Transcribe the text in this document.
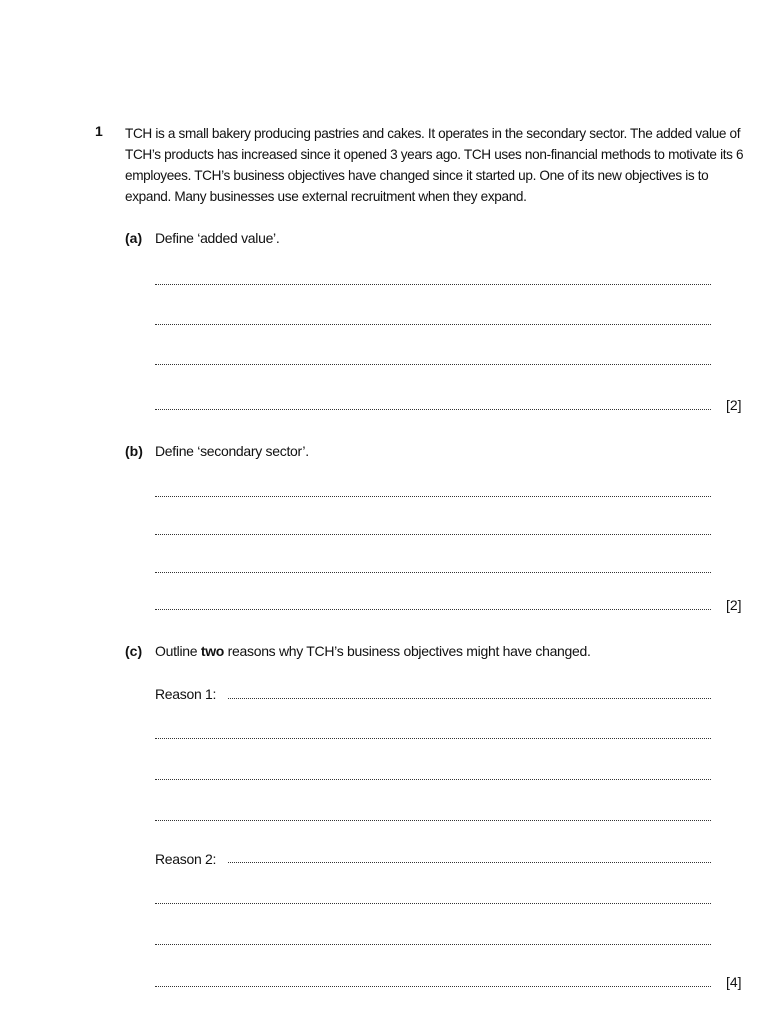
1 TCH is a small bakery producing pastries and cakes. It operates in the secondary sector. The added value of TCH’s products has increased since it opened 3 years ago. TCH uses non-financial methods to motivate its 6 employees. TCH’s business objectives have changed since it started up. One of its new objectives is to expand. Many businesses use external recruitment when they expand.
(a) Define ‘added value’.
[2]
(b) Define ‘secondary sector’.
[2]
(c) Outline two reasons why TCH’s business objectives might have changed.
Reason 1:
Reason 2:
[4]
